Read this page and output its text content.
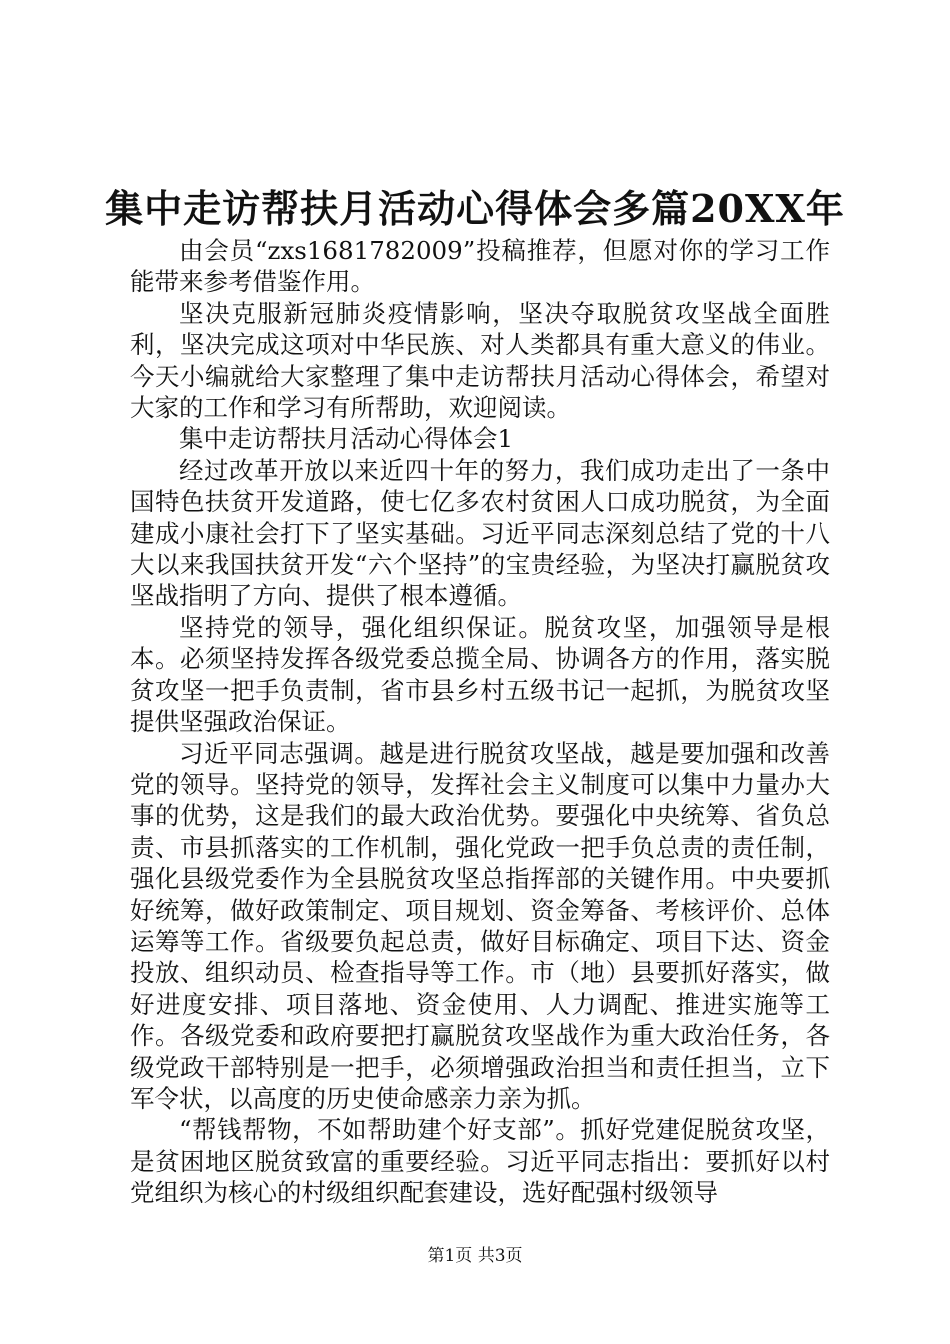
集中走访帮扶月活动心得体会多篇20XX年

由会员“zxs1681782009”投稿推荐，但愿对你的学习工作能带来参考借鉴作用。

坚决克服新冠肺炎疫情影响，坚决夺取脱贫攻坚战全面胜利，坚决完成这项对中华民族、对人类都具有重大意义的伟业。今天小编就给大家整理了集中走访帮扶月活动心得体会，希望对大家的工作和学习有所帮助，欢迎阅读。

集中走访帮扶月活动心得体会1

经过改革开放以来近四十年的努力，我们成功走出了一条中国特色扶贫开发道路，使七亿多农村贫困人口成功脱贫，为全面建成小康社会打下了坚实基础。习近平同志深刻总结了党的十八大以来我国扶贫开发“六个坚持”的宝贵经验，为坚决打赢脱贫攻坚战指明了方向、提供了根本遵循。

坚持党的领导，强化组织保证。脱贫攻坚，加强领导是根本。必须坚持发挥各级党委总揽全局、协调各方的作用，落实脱贫攻坚一把手负责制，省市县乡村五级书记一起抓，为脱贫攻坚提供坚强政治保证。

习近平同志强调。越是进行脱贫攻坚战，越是要加强和改善党的领导。坚持党的领导，发挥社会主义制度可以集中力量办大事的优势，这是我们的最大政治优势。要强化中央统筹、省负总责、市县抓落实的工作机制，强化党政一把手负总责的责任制，强化县级党委作为全县脱贫攻坚总指挥部的关键作用。中央要抓好统筹，做好政策制定、项目规划、资金筹备、考核评价、总体运筹等工作。省级要负起总责，做好目标确定、项目下达、资金投放、组织动员、检查指导等工作。市（地）县要抓好落实，做好进度安排、项目落地、资金使用、人力调配、推进实施等工作。各级党委和政府要把打赢脱贫攻坚战作为重大政治任务，各级党政干部特别是一把手，必须增强政治担当和责任担当，立下军令状，以高度的历史使命感亲力亲为抓。

“帮钱帮物，不如帮助建个好支部”。抓好党建促脱贫攻坚，是贫困地区脱贫致富的重要经验。习近平同志指出：要抓好以村党组织为核心的村级组织配套建设，选好配强村级领导

第1页 共3页
